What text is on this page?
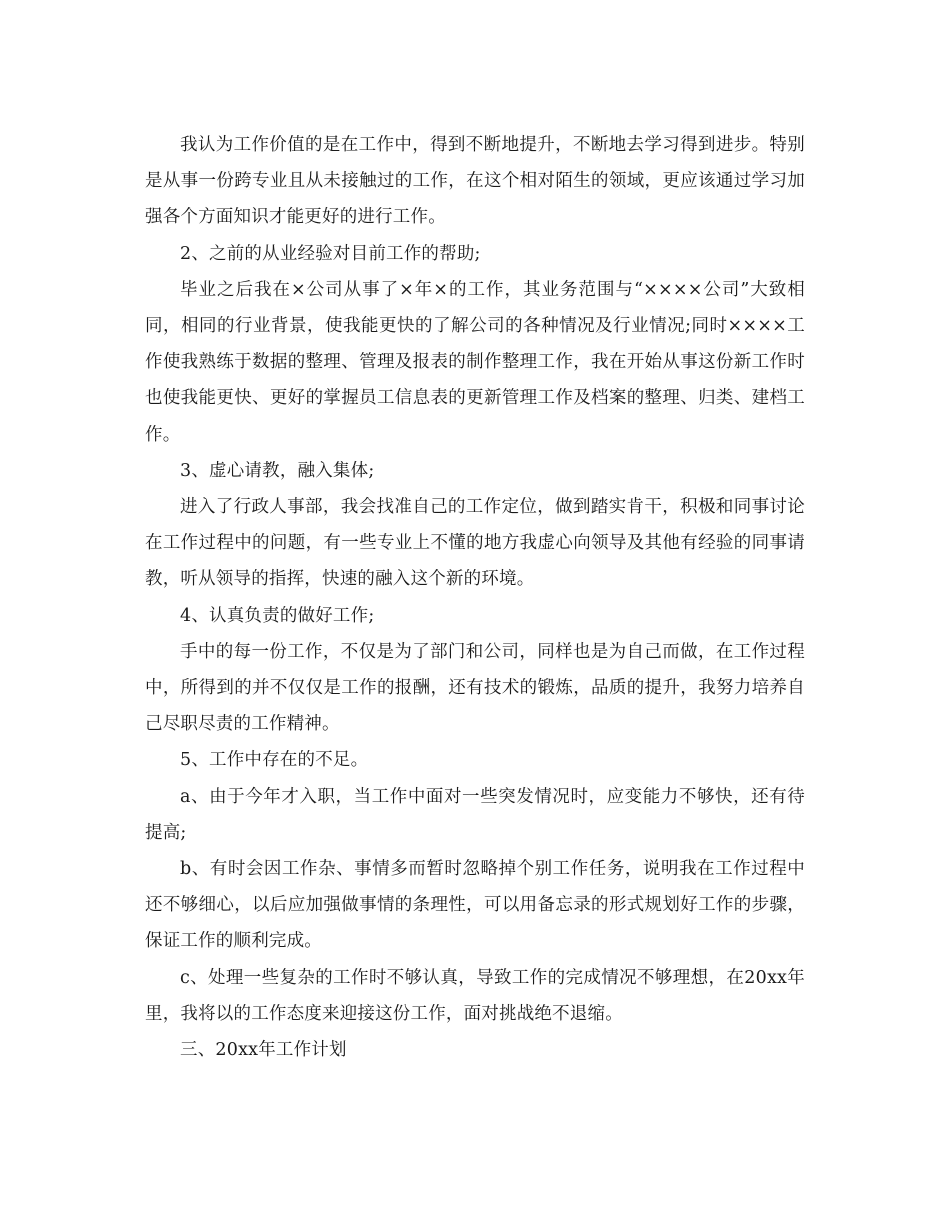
我认为工作价值的是在工作中，得到不断地提升，不断地去学习得到进步。特别是从事一份跨专业且从未接触过的工作，在这个相对陌生的领域，更应该通过学习加强各个方面知识才能更好的进行工作。

2、之前的从业经验对目前工作的帮助;

毕业之后我在×公司从事了×年×的工作，其业务范围与“××××公司”大致相同，相同的行业背景，使我能更快的了解公司的各种情况及行业情况;同时××××工作使我熟练于数据的整理、管理及报表的制作整理工作，我在开始从事这份新工作时也使我能更快、更好的掌握员工信息表的更新管理工作及档案的整理、归类、建档工作。

3、虚心请教，融入集体;

进入了行政人事部，我会找准自己的工作定位，做到踏实肯干，积极和同事讨论在工作过程中的问题，有一些专业上不懂的地方我虚心向领导及其他有经验的同事请教，听从领导的指挥，快速的融入这个新的环境。

4、认真负责的做好工作;

手中的每一份工作，不仅是为了部门和公司，同样也是为自己而做，在工作过程中，所得到的并不仅仅是工作的报酬，还有技术的锻炼，品质的提升，我努力培养自己尽职尽责的工作精神。

5、工作中存在的不足。

a、由于今年才入职，当工作中面对一些突发情况时，应变能力不够快，还有待提高;

b、有时会因工作杂、事情多而暂时忽略掉个别工作任务，说明我在工作过程中还不够细心，以后应加强做事情的条理性，可以用备忘录的形式规划好工作的步骤，保证工作的顺利完成。

c、处理一些复杂的工作时不够认真，导致工作的完成情况不够理想，在20xx年里，我将以的工作态度来迎接这份工作，面对挑战绝不退缩。

三、20xx年工作计划
